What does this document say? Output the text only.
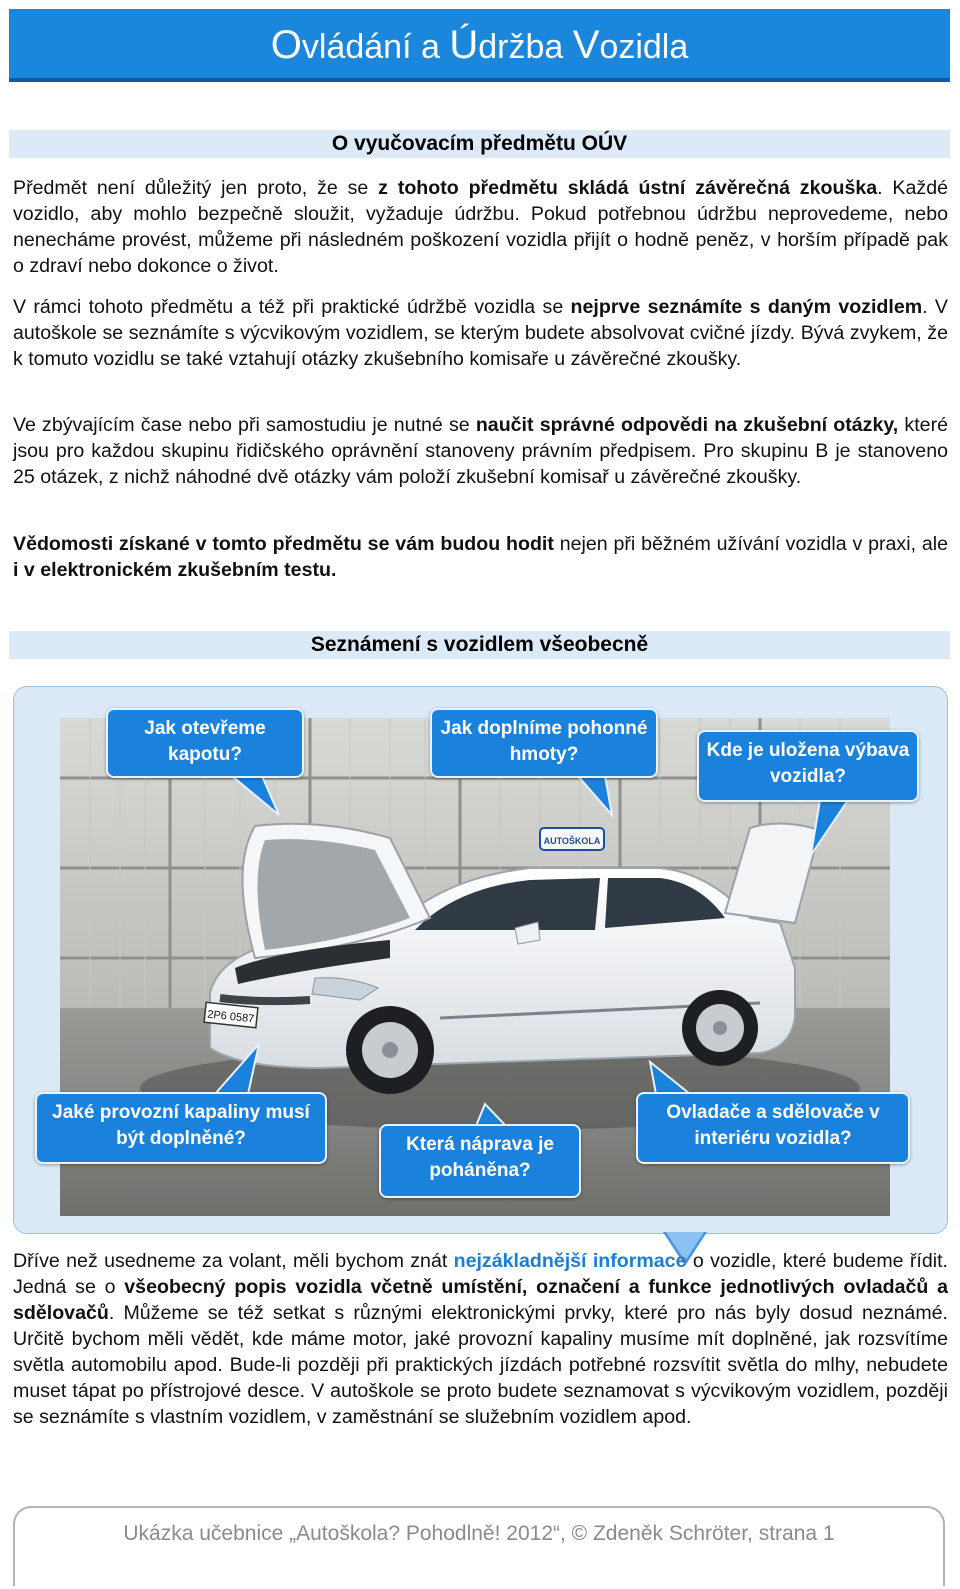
Ovládání a Údržba Vozidla
O vyučovacím předmětu OÚV

Předmět není důležitý jen proto, že se z tohoto předmětu skládá ústní závěrečná zkouška. Každé vozidlo, aby mohlo bezpečně sloužit, vyžaduje údržbu. Pokud potřebnou údržbu neprovedeme, nebo nenecháme provést, můžeme při následném poškození vozidla přijít o hodně peněz, v horším případě pak o zdraví nebo dokonce o život.

V rámci tohoto předmětu a též při praktické údržbě vozidla se nejprve seznámíte s daným vozidlem. V autoškole se seznámíte s výcvikovým vozidlem, se kterým budete absolvovat cvičné jízdy. Bývá zvykem, že k tomuto vozidlu se také vztahují otázky zkušebního komisaře u závěrečné zkoušky.

Ve zbývajícím čase nebo při samostudiu je nutné se naučit správné odpovědi na zkušební otázky, které jsou pro každou skupinu řidičského oprávnění stanoveny právním předpisem. Pro skupinu B je stanoveno 25 otázek, z nichž náhodné dvě otázky vám položí zkušební komisař u závěrečné zkoušky.

Vědomosti získané v tomto předmětu se vám budou hodit nejen při běžném užívání vozidla v praxi, ale i v elektronickém zkušebním testu.

Seznámení s vozidlem všeobecně
AUTOŠKOLA
2P6 0587
Jak otevřeme kapotu?
Jak doplníme pohonné hmoty?	Kde je uložena výbava vozidla?
Jaké provozní kapaliny musí být doplněné?	Která náprava je poháněna?
Ovladače a sdělovače v interiéru vozidla?

Dříve než usedneme za volant, měli bychom znát nejzákladnější informace o vozidle, které budeme řídit. Jedná se o všeobecný popis vozidla včetně umístění, označení a funkce jednotlivých ovladačů a sdělovačů. Můžeme se též setkat s různými elektronickými prvky, které pro nás byly dosud neznámé. Určitě bychom měli vědět, kde máme motor, jaké provozní kapaliny musíme mít doplněné, jak rozsvítíme světla automobilu apod. Bude-li později při praktických jízdách potřebné rozsvítit světla do mlhy, nebudete muset tápat po přístrojové desce. V autoškole se proto budete seznamovat s výcvikovým vozidlem, později se seznámíte s vlastním vozidlem, v zaměstnání se služebním vozidlem apod.

Ukázka učebnice „Autoškola? Pohodlně! 2012“, © Zdeněk Schröter, strana 1
